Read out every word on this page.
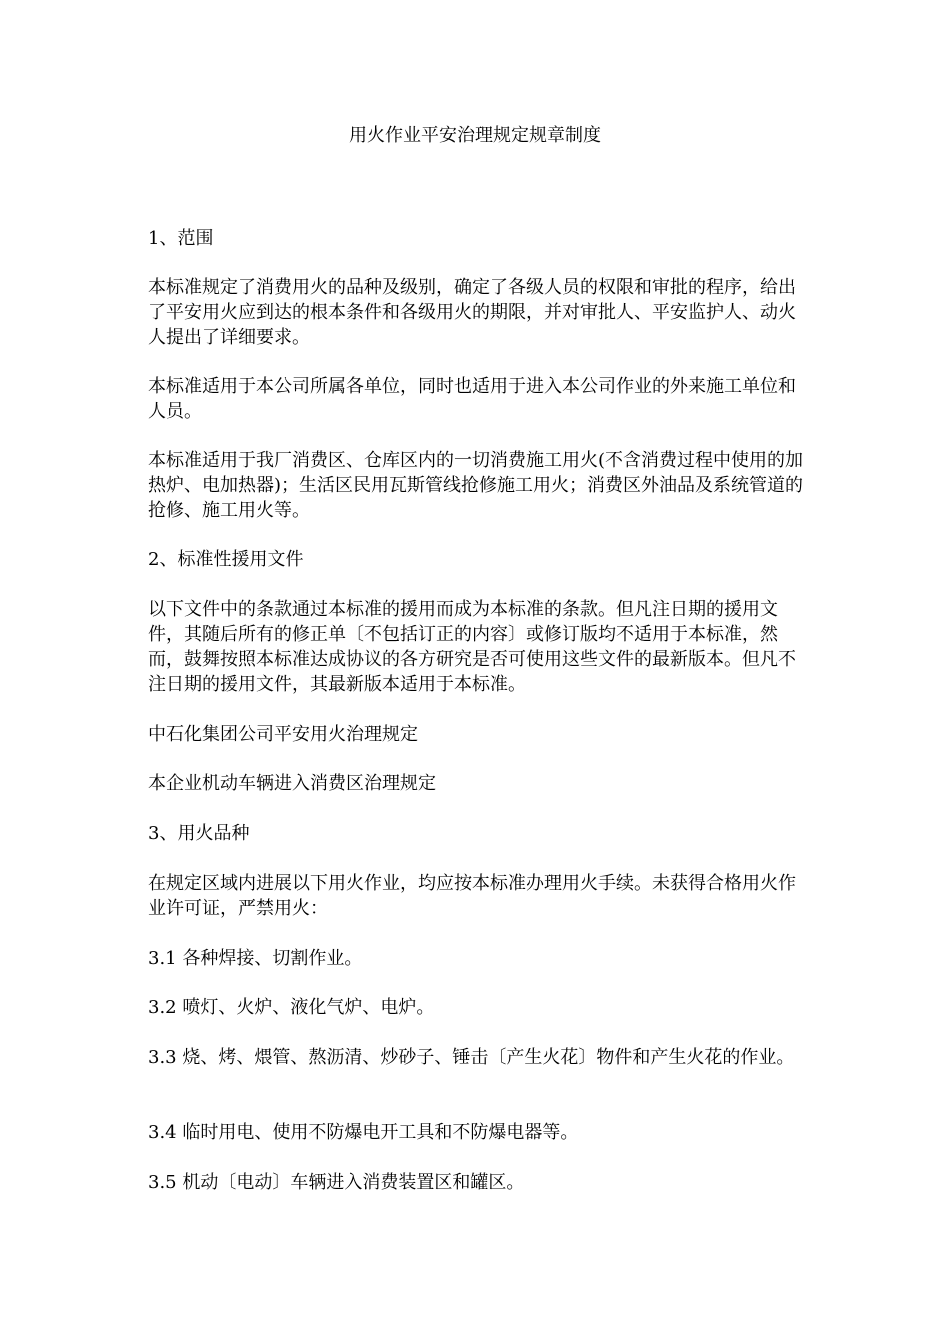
用火作业平安治理规定规章制度

1、范围

本标准规定了消费用火的品种及级别，确定了各级人员的权限和审批的程序，给出了平安用火应到达的根本条件和各级用火的期限，并对审批人、平安监护人、动火人提出了详细要求。

本标准适用于本公司所属各单位，同时也适用于进入本公司作业的外来施工单位和人员。

本标准适用于我厂消费区、仓库区内的一切消费施工用火(不含消费过程中使用的加热炉、电加热器)；生活区民用瓦斯管线抢修施工用火；消费区外油品及系统管道的抢修、施工用火等。

2、标准性援用文件

以下文件中的条款通过本标准的援用而成为本标准的条款。但凡注日期的援用文件，其随后所有的修正单〔不包括订正的内容〕或修订版均不适用于本标准，然而，鼓舞按照本标准达成协议的各方研究是否可使用这些文件的最新版本。但凡不注日期的援用文件，其最新版本适用于本标准。

中石化集团公司平安用火治理规定

本企业机动车辆进入消费区治理规定

3、用火品种

在规定区域内进展以下用火作业，均应按本标准办理用火手续。未获得合格用火作业许可证，严禁用火：

3.1 各种焊接、切割作业。

3.2 喷灯、火炉、液化气炉、电炉。

3.3 烧、烤、煨管、熬沥清、炒砂子、锤击〔产生火花〕物件和产生火花的作业。

3.4 临时用电、使用不防爆电开工具和不防爆电器等。

3.5 机动〔电动〕车辆进入消费装置区和罐区。
